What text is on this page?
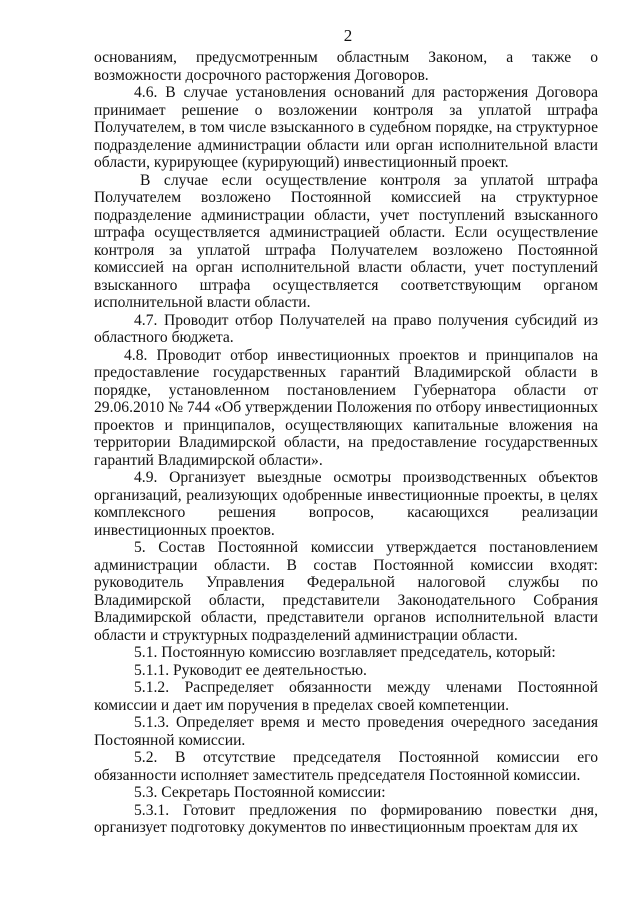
2

основаниям, предусмотренным областным Законом, а также о возможности досрочного расторжения Договоров.

4.6. В случае установления оснований для расторжения Договора принимает решение о возложении контроля за уплатой штрафа Получателем, в том числе взысканного в судебном порядке, на структурное подразделение администрации области или орган исполнительной власти области, курирующее (курирующий) инвестиционный проект.

В случае если осуществление контроля за уплатой штрафа Получателем возложено Постоянной комиссией на структурное подразделение администрации области, учет поступлений взысканного штрафа осуществляется администрацией области. Если осуществление контроля за уплатой штрафа Получателем возложено Постоянной комиссией на орган исполнительной власти области, учет поступлений взысканного штрафа осуществляется соответствующим органом исполнительной власти области.

4.7. Проводит отбор Получателей на право получения субсидий из областного бюджета.

4.8. Проводит отбор инвестиционных проектов и принципалов на предоставление государственных гарантий Владимирской области в порядке, установленном постановлением Губернатора области от 29.06.2010 № 744 «Об утверждении Положения по отбору инвестиционных проектов и принципалов, осуществляющих капитальные вложения на территории Владимирской области, на предоставление государственных гарантий Владимирской области».

4.9. Организует выездные осмотры производственных объектов организаций, реализующих одобренные инвестиционные проекты, в целях комплексного решения вопросов, касающихся реализации инвестиционных проектов.

5. Состав Постоянной комиссии утверждается постановлением администрации области. В состав Постоянной комиссии входят: руководитель Управления Федеральной налоговой службы по Владимирской области, представители Законодательного Собрания Владимирской области, представители органов исполнительной власти области и структурных подразделений администрации области.

5.1. Постоянную комиссию возглавляет председатель, который:

5.1.1. Руководит ее деятельностью.

5.1.2. Распределяет обязанности между членами Постоянной комиссии и дает им поручения в пределах своей компетенции.

5.1.3. Определяет время и место проведения очередного заседания Постоянной комиссии.

5.2. В отсутствие председателя Постоянной комиссии его обязанности исполняет заместитель председателя Постоянной комиссии.

5.3. Секретарь Постоянной комиссии:

5.3.1. Готовит предложения по формированию повестки дня, организует подготовку документов по инвестиционным проектам для их
